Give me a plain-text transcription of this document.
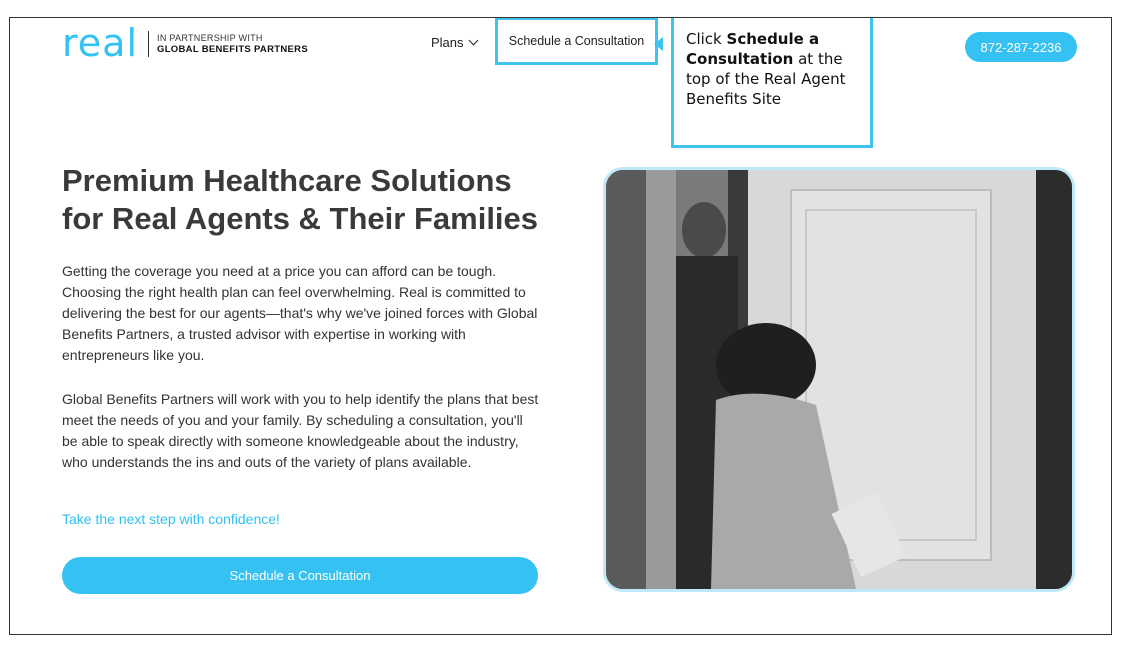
real IN PARTNERSHIP WITH
GLOBAL BENEFITS PARTNERS	Plans	Schedule a Consultation	Click Schedule a Consultation at the top of the Real Agent Benefits Site
872-287-2236
Premium Healthcare Solutions
for Real Agents & Their Families

Getting the coverage you need at a price you can afford can be tough. Choosing the right health plan can feel overwhelming. Real is committed to delivering the best for our agents—that's why we've joined forces with Global Benefits Partners, a trusted advisor with expertise in working with entrepreneurs like you.

Global Benefits Partners will work with you to help identify the plans that best meet the needs of you and your family. By scheduling a consultation, you'll be able to speak directly with someone knowledgeable about the industry, who understands the ins and outs of the variety of plans available.

Take the next step with confidence!
Schedule a Consultation
